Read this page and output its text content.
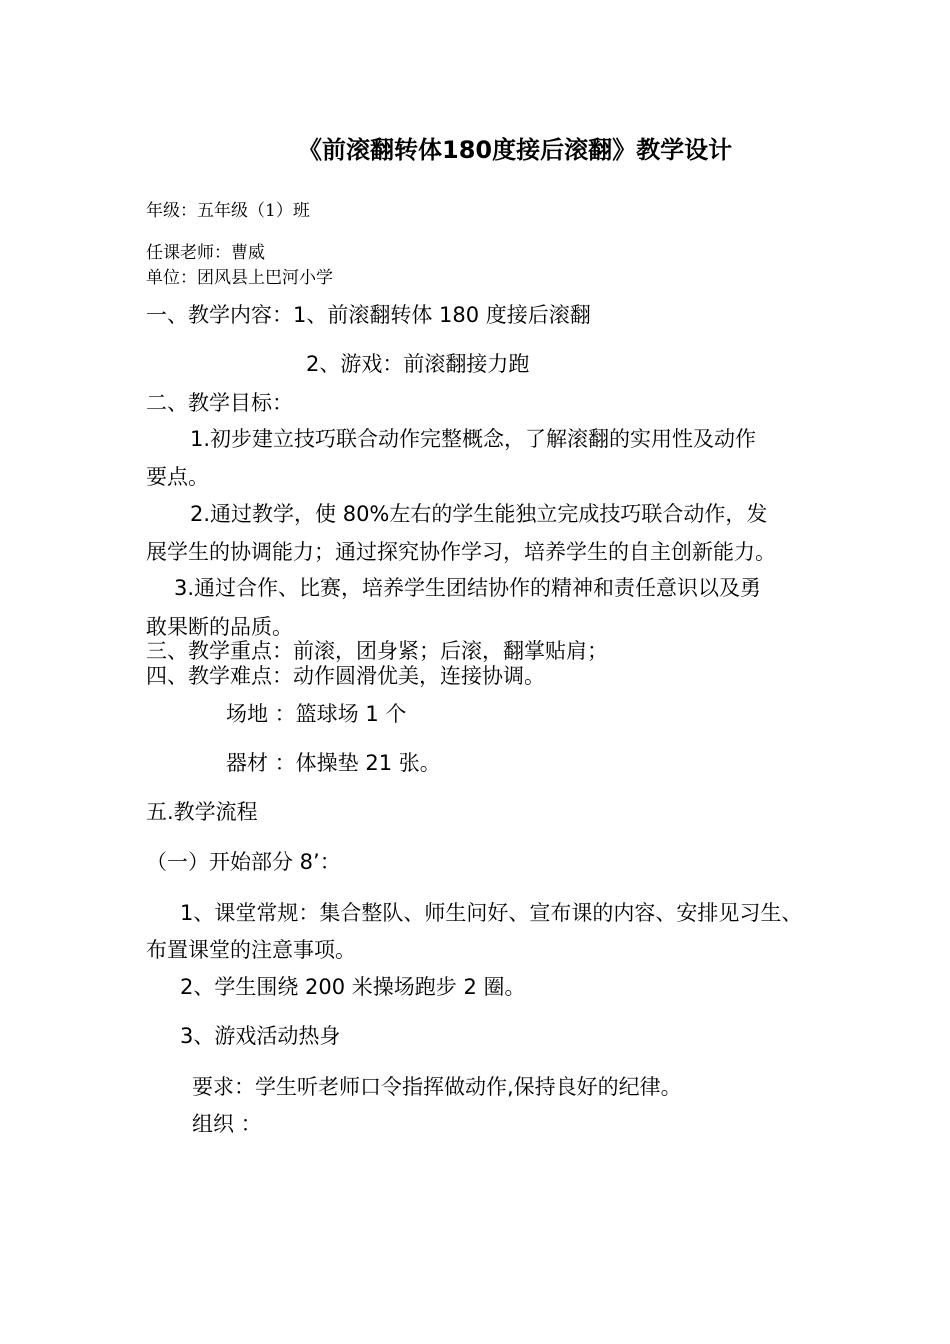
《前滚翻转体180度接后滚翻》教学设计
年级：五年级（1）班
任课老师：曹威
单位：团风县上巴河小学
一、教学内容：1、前滚翻转体 180 度接后滚翻
2、游戏：前滚翻接力跑
二、教学目标：
1.初步建立技巧联合动作完整概念，了解滚翻的实用性及动作
要点。
2.通过教学，使 80%左右的学生能独立完成技巧联合动作，发
展学生的协调能力；通过探究协作学习，培养学生的自主创新能力。
3.通过合作、比赛，培养学生团结协作的精神和责任意识以及勇
敢果断的品质。
三、教学重点：前滚，团身紧；后滚，翻掌贴肩；
四、教学难点：动作圆滑优美，连接协调。
场地 ：篮球场 1 个
器材 ：体操垫 21 张。
五.教学流程
（一）开始部分 8’：
1、课堂常规：集合整队、师生问好、宣布课的内容、安排见习生、
布置课堂的注意事项。
2、学生围绕 200 米操场跑步 2 圈。
3、游戏活动热身
要求：学生听老师口令指挥做动作,保持良好的纪律。
组织 ：
